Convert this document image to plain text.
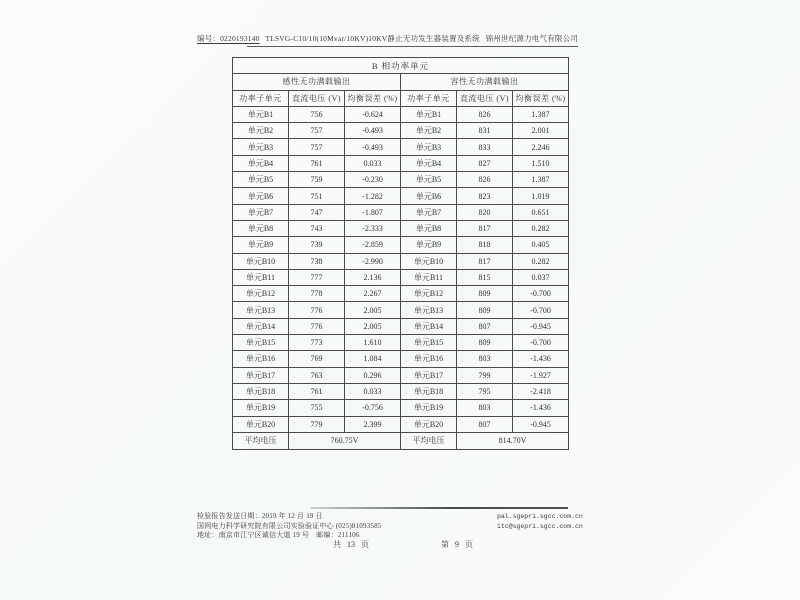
编号：0220193140 TLSVG-C10/10(10Mvar/10KV)10KV静止无功发生器装置及系统 锦州世纪源力电气有限公司
B 相功率单元					
感性无功满载输出			容性无功满载输出		
功率子单元	直流电压 (V)	均衡误差 (%)	功率子单元	直流电压 (V)	均衡误差 (%)
单元B1	756	-0.624	单元B1	826	1.387
单元B2	757	-0.493	单元B2	831	2.001
单元B3	757	-0.493	单元B3	833	2.246
单元B4	761	0.033	单元B4	827	1.510
单元B5	759	-0.230	单元B5	826	1.387
单元B6	751	-1.282	单元B6	823	1.019
单元B7	747	-1.807	单元B7	820	0.651
单元B8	743	-2.333	单元B8	817	0.282
单元B9	739	-2.859	单元B9	818	0.405
单元B10	738	-2.990	单元B10	817	0.282
单元B11	777	2.136	单元B11	815	0.037
单元B12	778	2.267	单元B12	809	-0.700
单元B13	776	2.005	单元B13	809	-0.700
单元B14	776	2.005	单元B14	807	-0.945
单元B15	773	1.610	单元B15	809	-0.700
单元B16	769	1.084	单元B16	803	-1.436
单元B17	763	0.296	单元B17	799	-1.927
单元B18	761	0.033	单元B18	795	-2.418
单元B19	755	-0.756	单元B19	803	-1.436
单元B20	779	2.399	单元B20	807	-0.945
平均电压	760.75V		平均电压	814.70V	
检验报告发送日期：2019 年 12 月 19 日
国网电力科学研究院有限公司实验验证中心 (025)81093585
地址：南京市江宁区诚信大道 19 号　邮编：211106
pal.sgepri.sgcc.com.cn
itc@sgepri.sgcc.com.cn
共 13 页	第 9 页
